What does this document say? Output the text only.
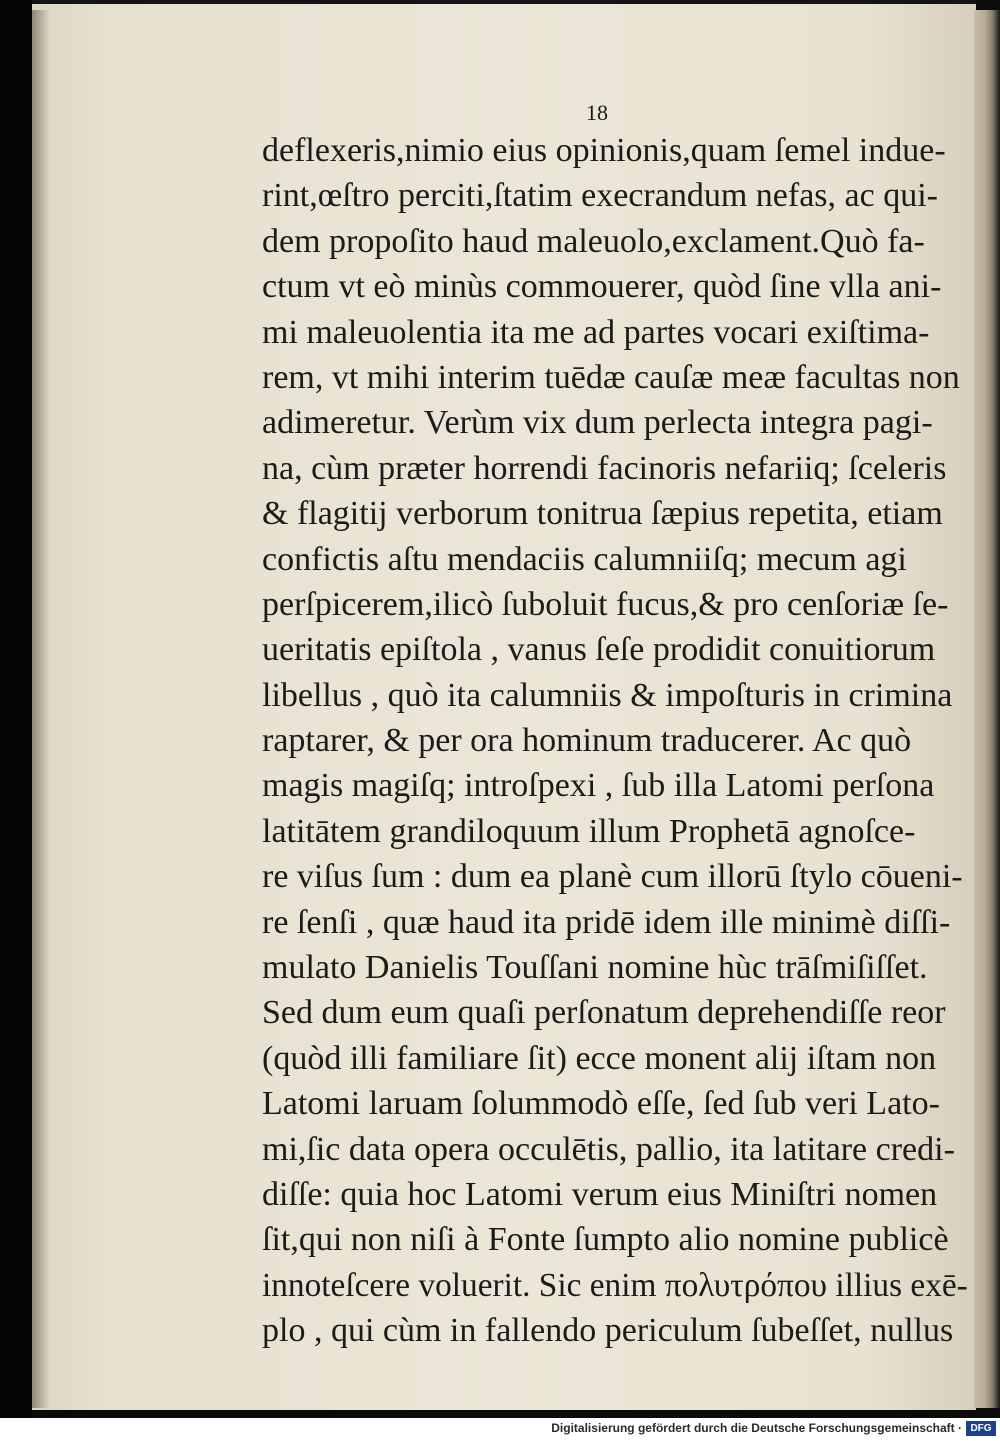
18
deflexeris,nimio eius opinionis,quam ſemel indue-
rint,œſtro perciti,ſtatim execrandum nefas, ac qui-
dem propoſito haud maleuolo,exclament.Quò fa-
ctum vt eò minùs commouerer, quòd ſine vlla ani-
mi maleuolentia ita me ad partes vocari exiſtima-
rem, vt mihi interim tuēdæ cauſæ meæ facultas non
adimeretur. Verùm vix dum perlecta integra pagi-
na, cùm præter horrendi facinoris nefariiq; ſceleris
& flagitij verborum tonitrua ſæpius repetita, etiam
confictis aſtu mendaciis calumniiſq; mecum agi
perſpicerem,ilicò ſuboluit fucus,& pro cenſoriæ ſe-
ueritatis epiſtola , vanus ſeſe prodidit conuitiorum
libellus , quò ita calumniis & impoſturis in crimina
raptarer, & per ora hominum traducerer. Ac quò
magis magiſq; introſpexi , ſub illa Latomi perſona
latitātem grandiloquum illum Prophetā agnoſce-
re viſus ſum : dum ea planè cum illorū ſtylo cōueni-
re ſenſi , quæ haud ita pridē idem ille minimè diſſi-
mulato Danielis Touſſani nomine hùc trāſmiſiſſet.
Sed dum eum quaſi perſonatum deprehendiſſe reor
(quòd illi familiare ſit) ecce monent alij iſtam non
Latomi laruam ſolummodò eſſe, ſed ſub veri Lato-
mi,ſic data opera occulētis, pallio, ita latitare credi-
diſſe: quia hoc Latomi verum eius Miniſtri nomen
ſit,qui non niſi à Fonte ſumpto alio nomine publicè
innoteſcere voluerit. Sic enim πολυτρόπου illius exē-
plo , qui cùm in fallendo periculum ſubeſſet, nullus
Digitalisierung gefördert durch die Deutsche Forschungsgemeinschaft · DFG
